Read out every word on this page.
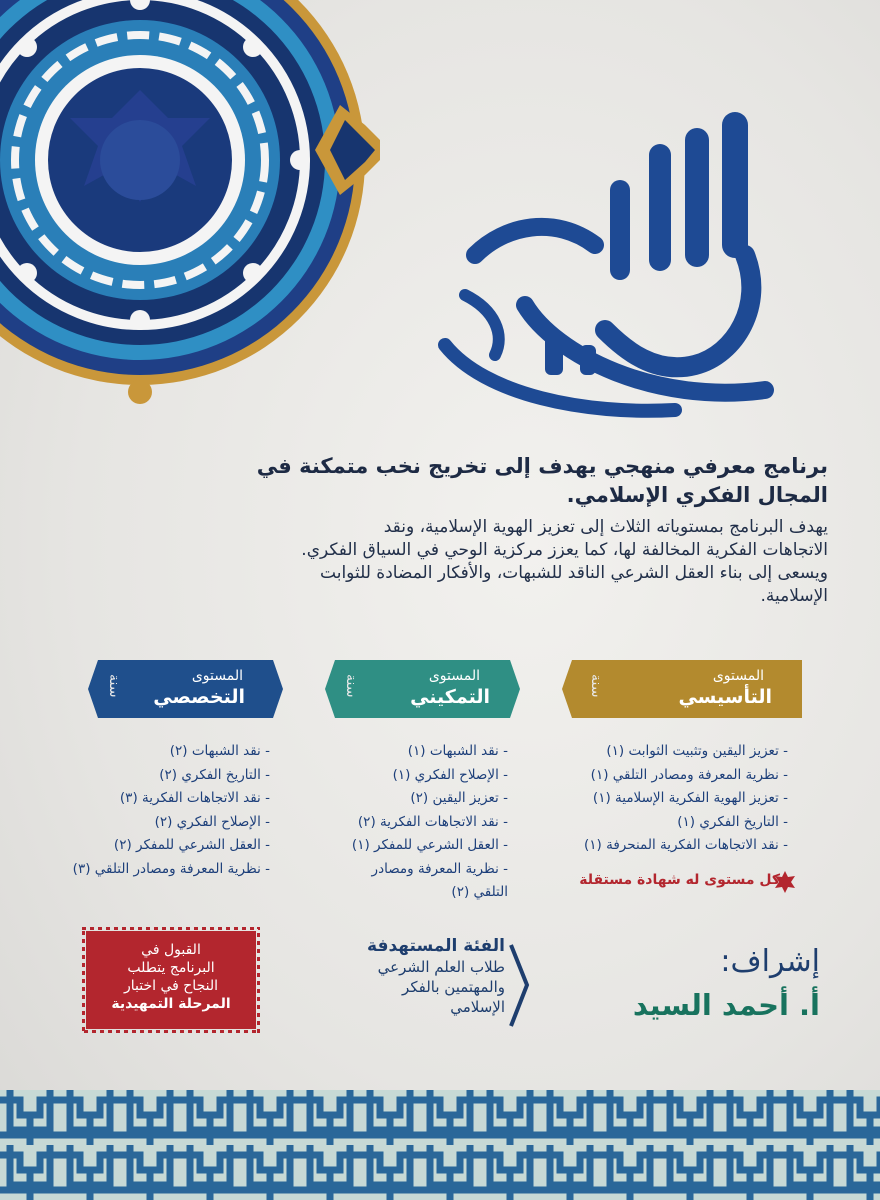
برنامج معرفي منهجي يهدف إلى تخريج نخب متمكنة في

المجال الفكري الإسلامي.

يهدف البرنامج بمستوياته الثلاث إلى تعزيز الهوية الإسلامية، ونقد

الاتجاهات الفكرية المخالفة لها، كما يعزز مركزية الوحي في السياق الفكري.

ويسعى إلى بناء العقل الشرعي الناقد للشبهات، والأفكار المضادة للثوابت

الإسلامية.

المستوى
التأسيسي
سنة
المستوى
التمكيني
سنة
المستوى
التخصصي
سنة
- تعزيز اليقين وتثبيت الثوابت (١)
- نظرية المعرفة ومصادر التلقي (١)
- تعزيز الهوية الفكرية الإسلامية (١)
- التاريخ الفكري (١)
- نقد الاتجاهات الفكرية المنحرفة (١)
- نقد الشبهات (١)
- الإصلاح الفكري (١)
- تعزيز اليقين (٢)
- نقد الاتجاهات الفكرية (٢)
- العقل الشرعي للمفكر (١)
- نظرية المعرفة ومصادر التلقي (٢)
- نقد الشبهات (٢)
- التاريخ الفكري (٢)
- نقد الاتجاهات الفكرية (٣)
- الإصلاح الفكري (٢)
- العقل الشرعي للمفكر (٢)
- نظرية المعرفة ومصادر التلقي (٣)
كل مستوى له شهادة مستقلة
إشراف:
أ. أحمد السيد
الفئة المستهدفة
طلاب العلم الشرعي
والمهتمين بالفكر
الإسلامي
القبول في
البرنامج يتطلب
النجاح في اختبار
المرحلة التمهيدية
